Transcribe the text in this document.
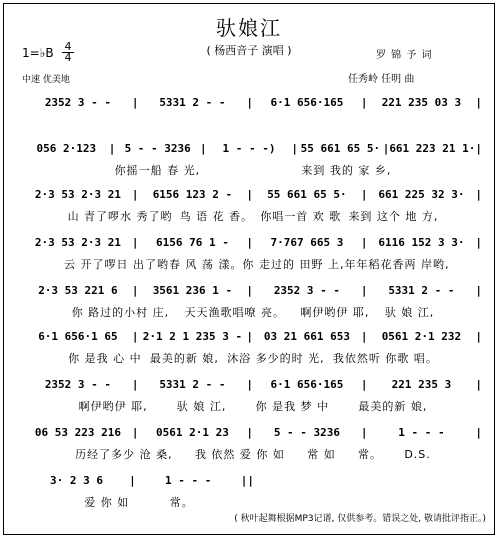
驮娘江
( 杨西音子 演唱 )
1=♭B 4
4
中速 优美地
罗 锦 予 词
任秀岭 任明 曲
2352 3 - -	|	5331 2 - -	|	6·1 656·165	|	221 235 03 3	|
056 2·123	| 5 - - 3236 |	1 - - -)	| 55 661 65 5· | 661 223 21 1· |
你摇一船 春 光,	来到 我的 家 乡,
2·3 53 2·3 21 |	6156 123 2 -	|	55 661 65 5·	| 661 225 32 3· |
山 青了啰水 秀了哟 鸟 语 花 香。 你唱一首 欢 歌 来到 这个 地 方,
2·3 53 2·3 21 |	6156 76 1 -	|	7·767 665 3	| 6116 152 3 3· |
云 开了啰日 出了哟 春 风 荡 漾。 你 走过的 田野 上, 年年稻花香两 岸哟,
2·3 53 221 6	|	3561 236 1 -	|	2352 3 - -	|	5331 2 - -	|
你 路过的小村 庄, 天天渔歌唱嘹 亮。 啊伊哟伊 耶, 驮 娘 江,
6·1 656·1 65	| 2·1 2 1 235 3 - | 03 21 661 653 |	0561 2·1 232	|
你 是我 心 中 最美的新 娘, 沐浴 多少的时 光, 我依然听 你歌 唱。
2352 3 - -	|	5331 2 - -	|	6·1 656·165	|	221 235 3	|
啊伊哟伊 耶,	驮 娘 江,	你 是我 梦 中	最美的新 娘,
06 53 223 216 |	0561 2·1 23	|	5 - - 3236	|	1 - - -	|
历经了多少 沧 桑, 我 依然 爱 你 如 常 如 常。 D.S.
3· 2 3 6	|	1 - - -	||
爱 你 如	常。
( 秋叶起舞根据MP3记谱, 仅供参考。错误之处, 敬请批评指正。)
